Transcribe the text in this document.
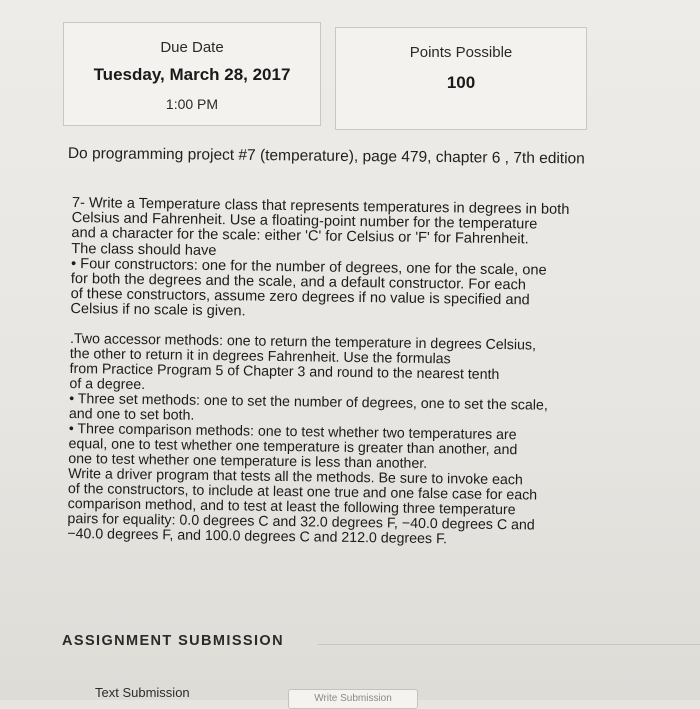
Due Date
Tuesday, March 28, 2017
1:00 PM
Points Possible
100
Do programming project #7 (temperature), page 479, chapter 6 , 7th edition

7- Write a Temperature class that represents temperatures in degrees in both
Celsius and Fahrenheit. Use a floating-point number for the temperature
and a character for the scale: either 'C' for Celsius or 'F' for Fahrenheit.
The class should have
• Four constructors: one for the number of degrees, one for the scale, one
for both the degrees and the scale, and a default constructor. For each
of these constructors, assume zero degrees if no value is specified and
Celsius if no scale is given.

.Two accessor methods: one to return the temperature in degrees Celsius,
the other to return it in degrees Fahrenheit. Use the formulas
from Practice Program 5 of Chapter 3 and round to the nearest tenth
of a degree.
• Three set methods: one to set the number of degrees, one to set the scale,
and one to set both.
• Three comparison methods: one to test whether two temperatures are
equal, one to test whether one temperature is greater than another, and
one to test whether one temperature is less than another.
Write a driver program that tests all the methods. Be sure to invoke each
of the constructors, to include at least one true and one false case for each
comparison method, and to test at least the following three temperature
pairs for equality: 0.0 degrees C and 32.0 degrees F, −40.0 degrees C and
−40.0 degrees F, and 100.0 degrees C and 212.0 degrees F.

ASSIGNMENT SUBMISSION
Text Submission	Write Submission
